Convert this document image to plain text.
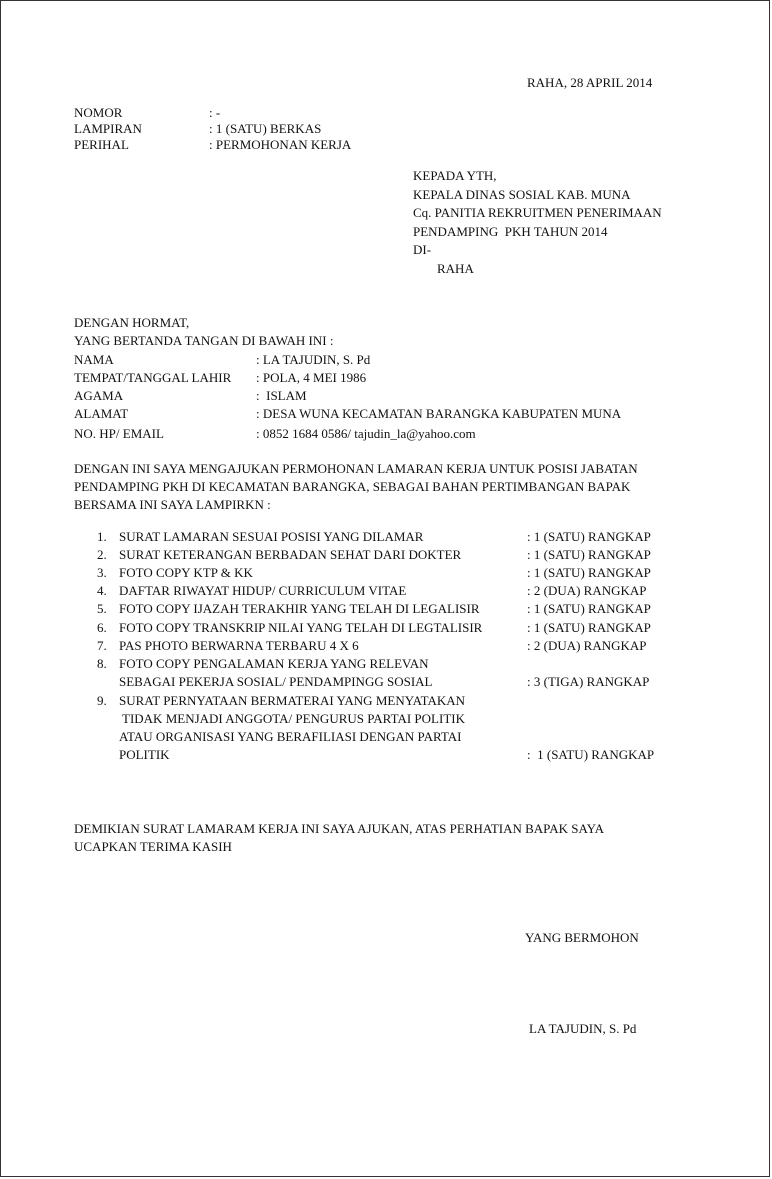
RAHA, 28 APRIL 2014
NOMOR	: -
LAMPIRAN	: 1 (SATU) BERKAS
PERIHAL	: PERMOHONAN KERJA
KEPADA YTH,
KEPALA DINAS SOSIAL KAB. MUNA
Cq. PANITIA REKRUITMEN PENERIMAAN
PENDAMPING  PKH TAHUN 2014
DI-
RAHA
DENGAN HORMAT,
YANG BERTANDA TANGAN DI BAWAH INI :
NAMA	: LA TAJUDIN, S. Pd
TEMPAT/TANGGAL LAHIR : POLA, 4 MEI 1986
AGAMA	:  ISLAM
ALAMAT	: DESA WUNA KECAMATAN BARANGKA KABUPATEN MUNA
NO. HP/ EMAIL	: 0852 1684 0586/ tajudin_la@yahoo.com
DENGAN INI SAYA MENGAJUKAN PERMOHONAN LAMARAN KERJA UNTUK POSISI JABATAN
PENDAMPING PKH DI KECAMATAN BARANGKA, SEBAGAI BAHAN PERTIMBANGAN BAPAK
BERSAMA INI SAYA LAMPIRKN :
1. SURAT LAMARAN SESUAI POSISI YANG DILAMAR	: 1 (SATU) RANGKAP
2. SURAT KETERANGAN BERBADAN SEHAT DARI DOKTER	: 1 (SATU) RANGKAP
3. FOTO COPY KTP & KK	: 1 (SATU) RANGKAP
4. DAFTAR RIWAYAT HIDUP/ CURRICULUM VITAE	: 2 (DUA) RANGKAP
5. FOTO COPY IJAZAH TERAKHIR YANG TELAH DI LEGALISIR	: 1 (SATU) RANGKAP
6. FOTO COPY TRANSKRIP NILAI YANG TELAH DI LEGTALISIR	: 1 (SATU) RANGKAP
7. PAS PHOTO BERWARNA TERBARU 4 X 6	: 2 (DUA) RANGKAP
8. FOTO COPY PENGALAMAN KERJA YANG RELEVAN
SEBAGAI PEKERJA SOSIAL/ PENDAMPINGG SOSIAL	: 3 (TIGA) RANGKAP
9. SURAT PERNYATAAN BERMATERAI YANG MENYATAKAN
TIDAK MENJADI ANGGOTA/ PENGURUS PARTAI POLITIK
ATAU ORGANISASI YANG BERAFILIASI DENGAN PARTAI
POLITIK	:  1 (SATU) RANGKAP
DEMIKIAN SURAT LAMARAM KERJA INI SAYA AJUKAN, ATAS PERHATIAN BAPAK SAYA
UCAPKAN TERIMA KASIH
YANG BERMOHON
LA TAJUDIN, S. Pd
